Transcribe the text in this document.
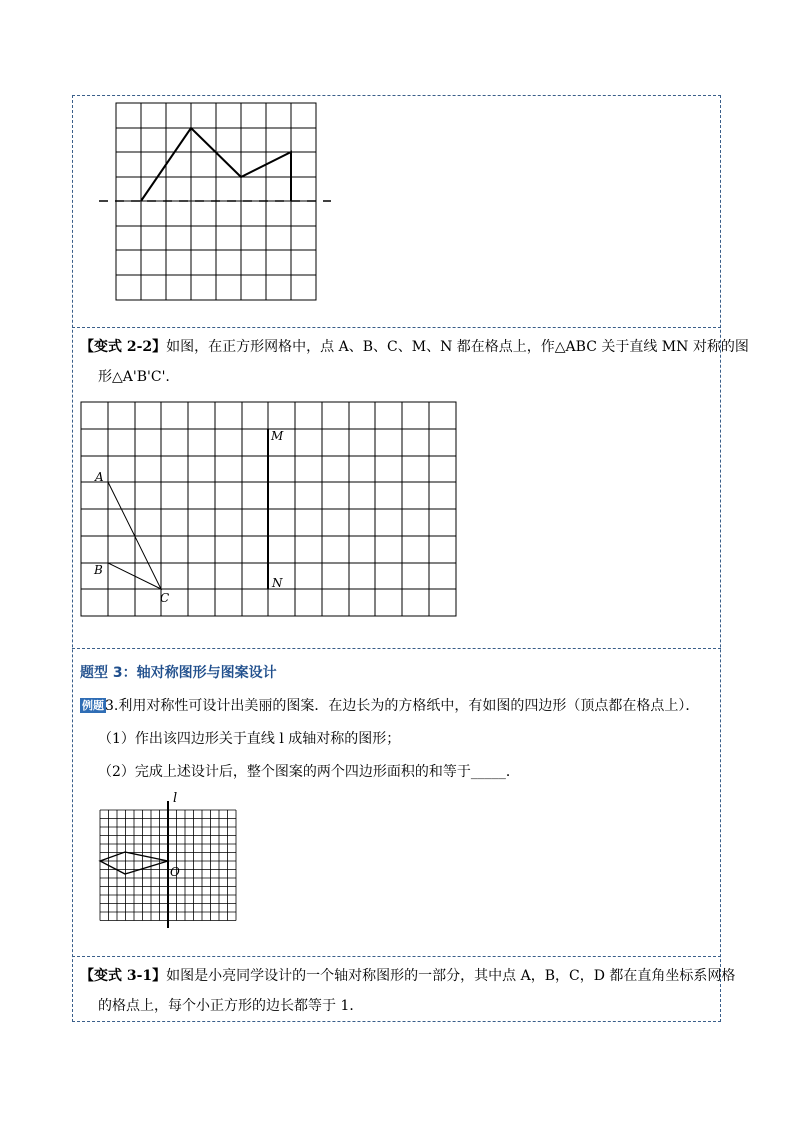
【变式 2-2】如图，在正方形网格中，点 A、B、C、M、N 都在格点上，作△ABC 关于直线 MN 对称的图
形△A'B'C'.
A
B
C
M
N
题型 3：轴对称图形与图案设计
例题 3.利用对称性可设计出美丽的图案．在边长为的方格纸中，有如图的四边形（顶点都在格点上）．
（1）作出该四边形关于直线 l 成轴对称的图形；
（2）完成上述设计后，整个图案的两个四边形面积的和等于_____．
l
O
【变式 3-1】如图是小亮同学设计的一个轴对称图形的一部分，其中点 A，B，C，D 都在直角坐标系网格
的格点上，每个小正方形的边长都等于 1．
